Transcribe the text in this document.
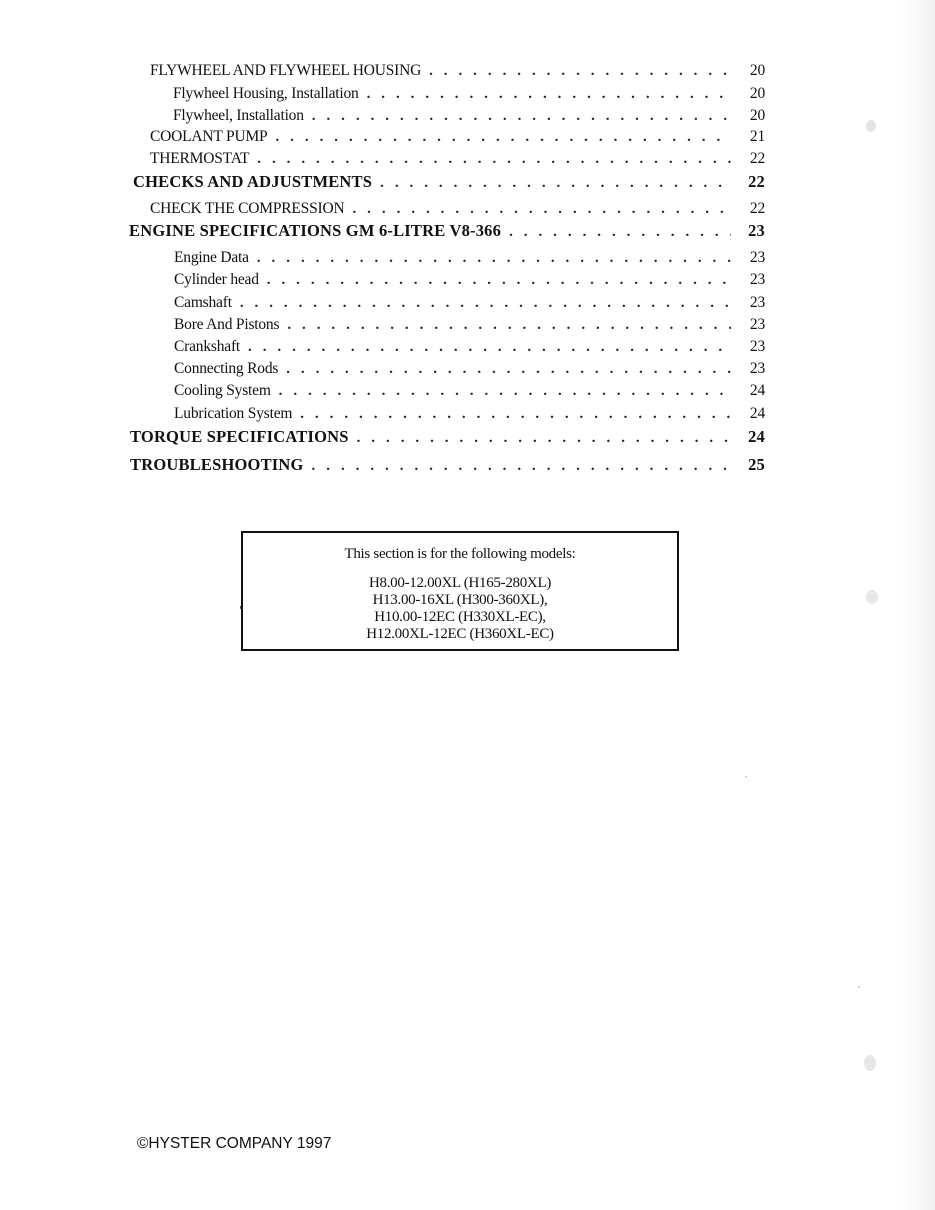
FLYWHEEL AND FLYWHEEL HOUSING . . .	20
Flywheel Housing, Installation . . .	20
Flywheel, Installation . . .	20
COOLANT PUMP . . .	21
THERMOSTAT . . .	22
CHECKS AND ADJUSTMENTS . . .	22
CHECK THE COMPRESSION . . .	22
ENGINE SPECIFICATIONS GM 6-LITRE V8-366 . . .	23
Engine Data . . .	23
Cylinder head . . .	23
Camshaft . . .	23
Bore And Pistons . . .	23
Crankshaft . . .	23
Connecting Rods . . .	23
Cooling System . . .	24
Lubrication System . . .	24
TORQUE SPECIFICATIONS . . .	24
TROUBLESHOOTING . . .	25
This section is for the following models:
H8.00-12.00XL (H165-280XL)
H13.00-16XL (H300-360XL),
H10.00-12EC (H330XL-EC),
H12.00XL-12EC (H360XL-EC)
©HYSTER COMPANY 1997
